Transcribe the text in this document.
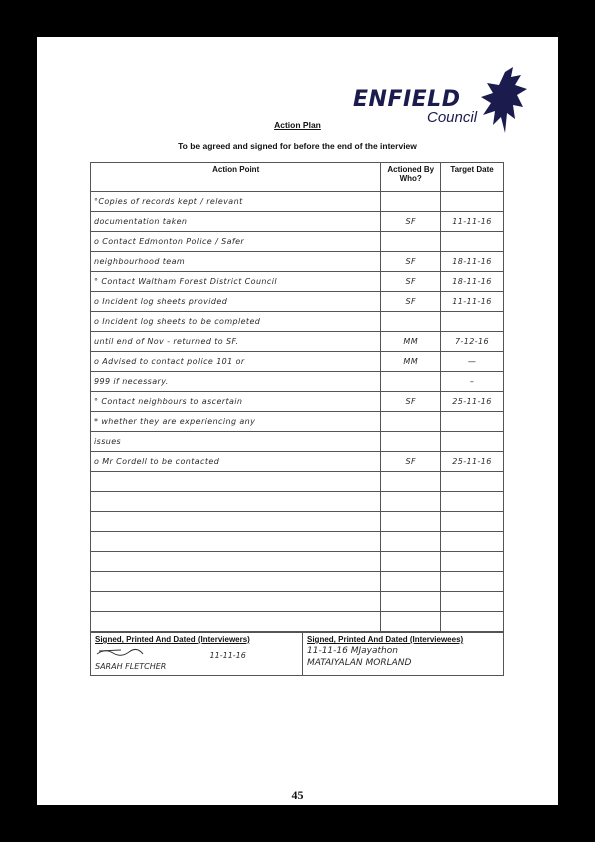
ENFIELD
Council
Action Plan
To be agreed and signed for before the end of the interview
Action Point	Actioned By Who?	Target Date
°Copies of records kept / relevant		
documentation taken	SF	11-11-16
o Contact Edmonton Police / Safer		
neighbourhood team	SF	18-11-16
° Contact Waltham Forest District Council	SF	18-11-16
o Incident log sheets provided	SF	11-11-16
o Incident log sheets to be completed		
until end of Nov - returned to SF.	MM	7-12-16
o Advised to contact police 101 or	MM	—
999 if necessary.		–
° Contact neighbours to ascertain	SF	25-11-16
* whether they are experiencing any		
issues		
o Mr Cordell to be contacted	SF	25-11-16

Signed, Printed And Dated (Interviewers)
11-11-16
SARAH FLETCHER

Signed, Printed And Dated (Interviewees)
11-11-16 MJayathon
MATAIYALAN MORLAND
45
